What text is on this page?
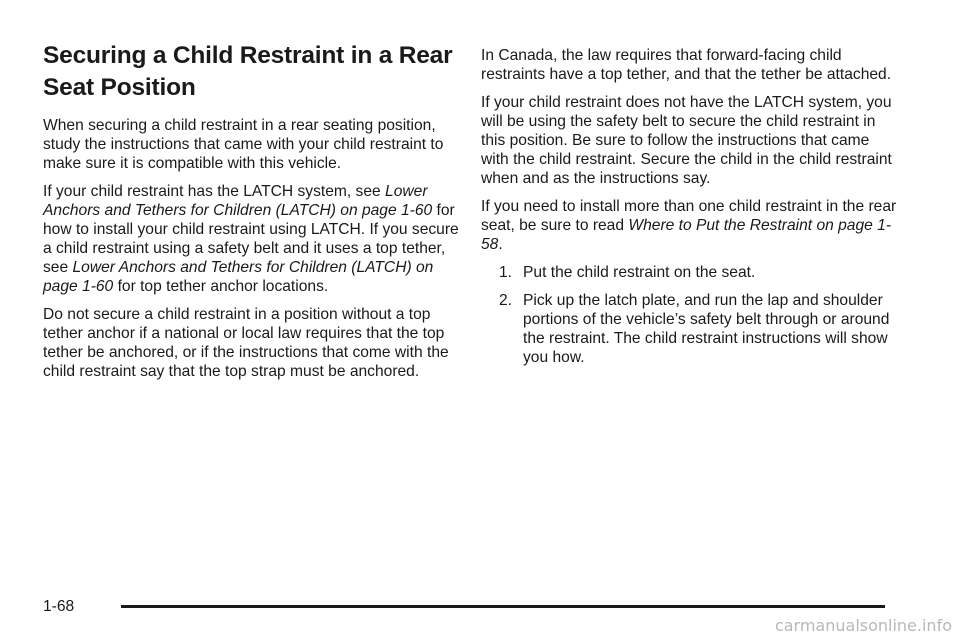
Securing a Child Restraint in a Rear Seat Position

When securing a child restraint in a rear seating position, study the instructions that came with your child restraint to make sure it is compatible with this vehicle.

If your child restraint has the LATCH system, see Lower Anchors and Tethers for Children (LATCH) on page 1-60 for how to install your child restraint using LATCH. If you secure a child restraint using a safety belt and it uses a top tether, see Lower Anchors and Tethers for Children (LATCH) on page 1-60 for top tether anchor locations.

Do not secure a child restraint in a position without a top tether anchor if a national or local law requires that the top tether be anchored, or if the instructions that come with the child restraint say that the top strap must be anchored.

In Canada, the law requires that forward-facing child restraints have a top tether, and that the tether be attached.

If your child restraint does not have the LATCH system, you will be using the safety belt to secure the child restraint in this position. Be sure to follow the instructions that came with the child restraint. Secure the child in the child restraint when and as the instructions say.

If you need to install more than one child restraint in the rear seat, be sure to read Where to Put the Restraint on page 1-58.

1. Put the child restraint on the seat.
2. Pick up the latch plate, and run the lap and shoulder portions of the vehicle’s safety belt through or around the restraint. The child restraint instructions will show you how.
1-68
carmanualsonline.info
